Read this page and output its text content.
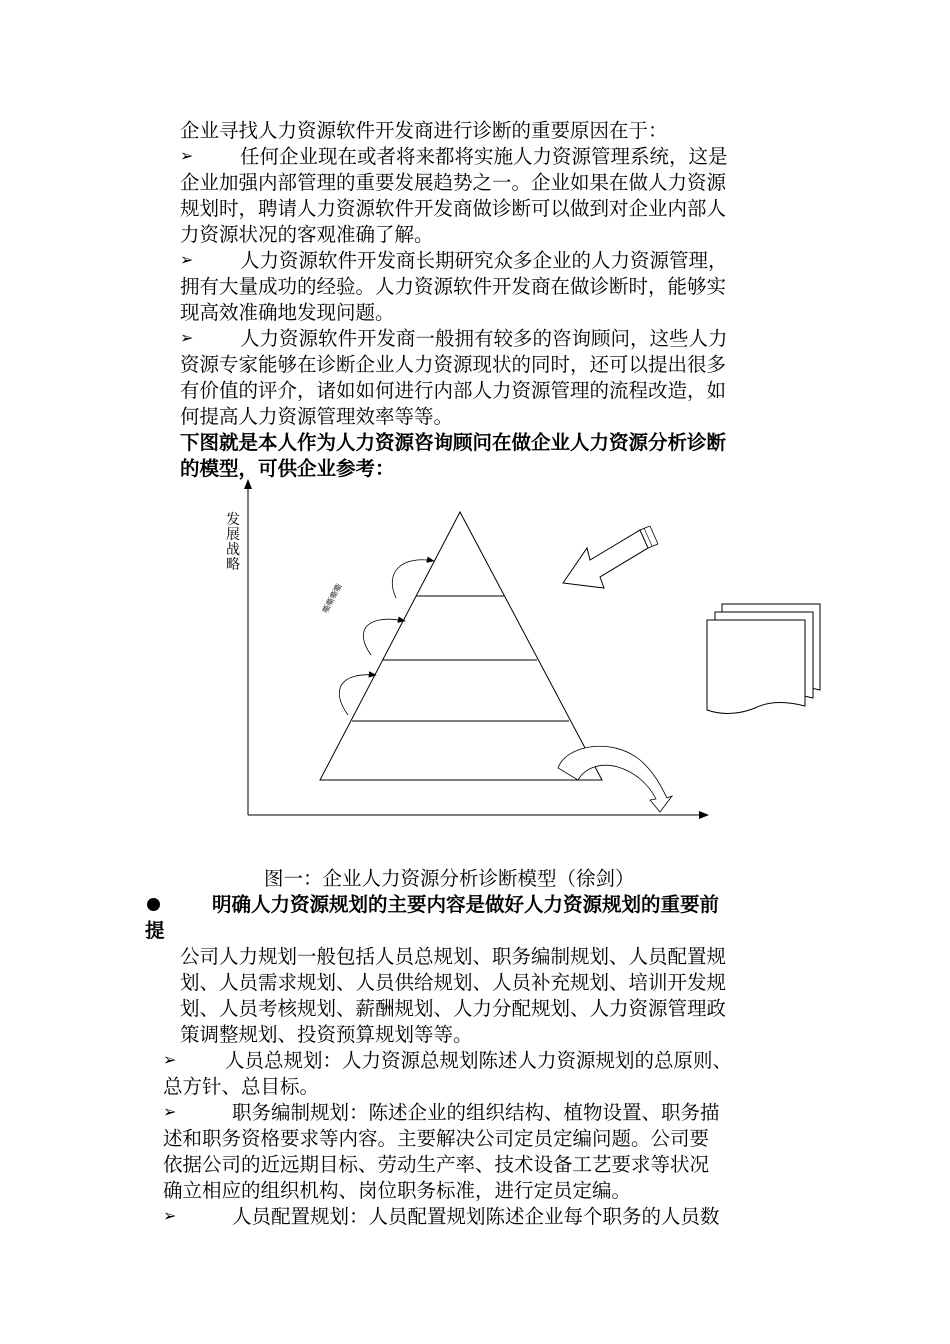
企业寻找人力资源软件开发商进行诊断的重要原因在于：
➢ 任何企业现在或者将来都将实施人力资源管理系统，这是
企业加强内部管理的重要发展趋势之一。企业如果在做人力资源
规划时，聘请人力资源软件开发商做诊断可以做到对企业内部人
力资源状况的客观准确了解。
➢ 人力资源软件开发商长期研究众多企业的人力资源管理，
拥有大量成功的经验。人力资源软件开发商在做诊断时，能够实
现高效准确地发现问题。
➢ 人力资源软件开发商一般拥有较多的咨询顾问，这些人力
资源专家能够在诊断企业人力资源现状的同时，还可以提出很多
有价值的评介，诸如如何进行内部人力资源管理的流程改造，如
何提高人力资源管理效率等等。
下图就是本人作为人力资源咨询顾问在做企业人力资源分析诊断
的模型，可供企业参考：
发展战略
嘶嘶嘶嘶
图一：企业人力资源分析诊断模型（徐剑）
明确人力资源规划的主要内容是做好人力资源规划的重要前
提
公司人力规划一般包括人员总规划、职务编制规划、人员配置规
划、人员需求规划、人员供给规划、人员补充规划、培训开发规
划、人员考核规划、薪酬规划、人力分配规划、人力资源管理政
策调整规划、投资预算规划等等。
➢ 人员总规划：人力资源总规划陈述人力资源规划的总原则、
总方针、总目标。
➢	职务编制规划：陈述企业的组织结构、植物设置、职务描
述和职务资格要求等内容。主要解决公司定员定编问题。公司要
依据公司的近远期目标、劳动生产率、技术设备工艺要求等状况
确立相应的组织机构、岗位职务标准，进行定员定编。
➢	人员配置规划：人员配置规划陈述企业每个职务的人员数
